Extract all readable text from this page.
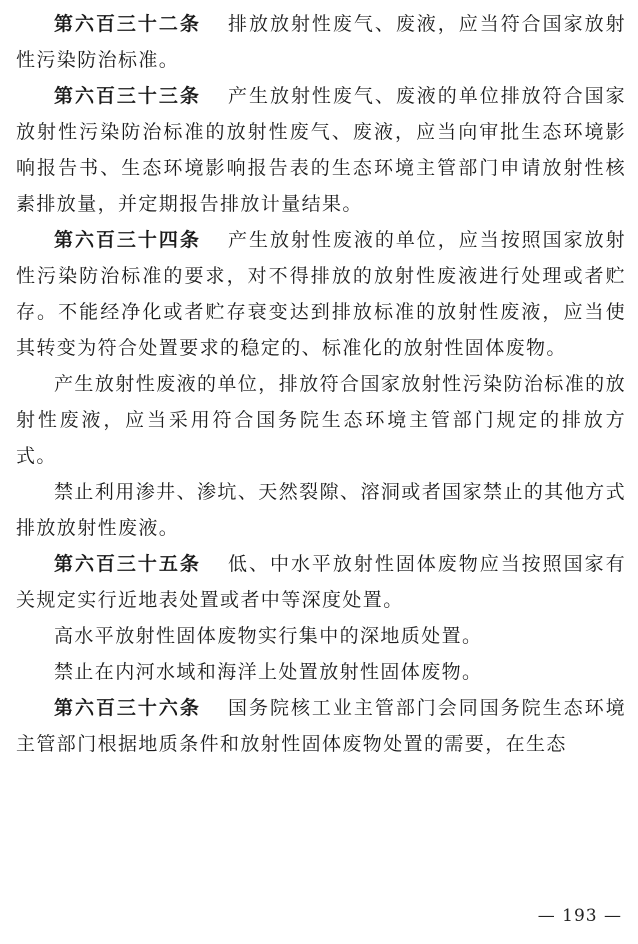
第六百三十二条 排放放射性废气、废液，应当符合国家放射性污染防治标准。

第六百三十三条 产生放射性废气、废液的单位排放符合国家放射性污染防治标准的放射性废气、废液，应当向审批生态环境影响报告书、生态环境影响报告表的生态环境主管部门申请放射性核素排放量，并定期报告排放计量结果。

第六百三十四条 产生放射性废液的单位，应当按照国家放射性污染防治标准的要求，对不得排放的放射性废液进行处理或者贮存。不能经净化或者贮存衰变达到排放标准的放射性废液，应当使其转变为符合处置要求的稳定的、标准化的放射性固体废物。

产生放射性废液的单位，排放符合国家放射性污染防治标准的放射性废液，应当采用符合国务院生态环境主管部门规定的排放方式。

禁止利用渗井、渗坑、天然裂隙、溶洞或者国家禁止的其他方式排放放射性废液。

第六百三十五条 低、中水平放射性固体废物应当按照国家有关规定实行近地表处置或者中等深度处置。

高水平放射性固体废物实行集中的深地质处置。

禁止在内河水域和海洋上处置放射性固体废物。

第六百三十六条 国务院核工业主管部门会同国务院生态环境主管部门根据地质条件和放射性固体废物处置的需要，在生态

— 193 —
